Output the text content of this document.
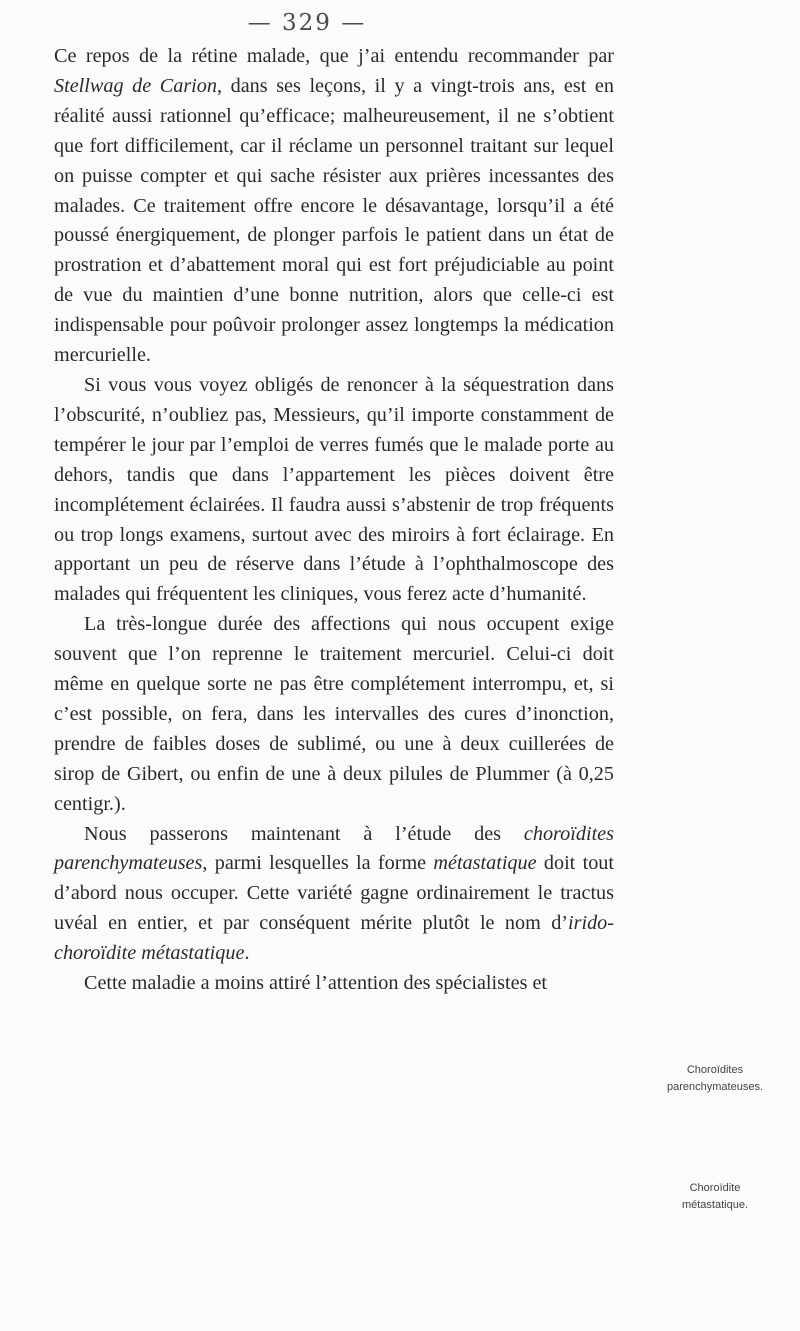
— 329 —

Ce repos de la rétine malade, que j’ai entendu recommander par Stellwag de Carion, dans ses leçons, il y a vingt-trois ans, est en réalité aussi rationnel qu’efficace; malheureusement, il ne s’obtient que fort difficilement, car il réclame un personnel traitant sur lequel on puisse compter et qui sache résister aux prières incessantes des malades. Ce traitement offre encore le désavantage, lorsqu’il a été poussé énergiquement, de plonger parfois le patient dans un état de prostration et d’abattement moral qui est fort préjudiciable au point de vue du maintien d’une bonne nutrition, alors que celle-ci est indispensable pour poûvoir prolonger assez longtemps la médication mercurielle.

Si vous vous voyez obligés de renoncer à la séquestration dans l’obscurité, n’oubliez pas, Messieurs, qu’il importe constamment de tempérer le jour par l’emploi de verres fumés que le malade porte au dehors, tandis que dans l’appartement les pièces doivent être incomplétement éclairées. Il faudra aussi s’abstenir de trop fréquents ou trop longs examens, surtout avec des miroirs à fort éclairage. En apportant un peu de réserve dans l’étude à l’ophthalmoscope des malades qui fréquentent les cliniques, vous ferez acte d’humanité.

La très-longue durée des affections qui nous occupent exige souvent que l’on reprenne le traitement mercuriel. Celui-ci doit même en quelque sorte ne pas être complétement interrompu, et, si c’est possible, on fera, dans les intervalles des cures d’inonction, prendre de faibles doses de sublimé, ou une à deux cuillerées de sirop de Gibert, ou enfin de une à deux pilules de Plummer (à 0,25 centigr.).

Nous passerons maintenant à l’étude des choroïdites parenchymateuses, parmi lesquelles la forme métastatique doit tout d’abord nous occuper. Cette variété gagne ordinairement le tractus uvéal en entier, et par conséquent mérite plutôt le nom d’irido-choroïdite métastatique.

Cette maladie a moins attiré l’attention des spécialistes et

Choroïdites
parenchymateuses.
Choroïdite
métastatique.
